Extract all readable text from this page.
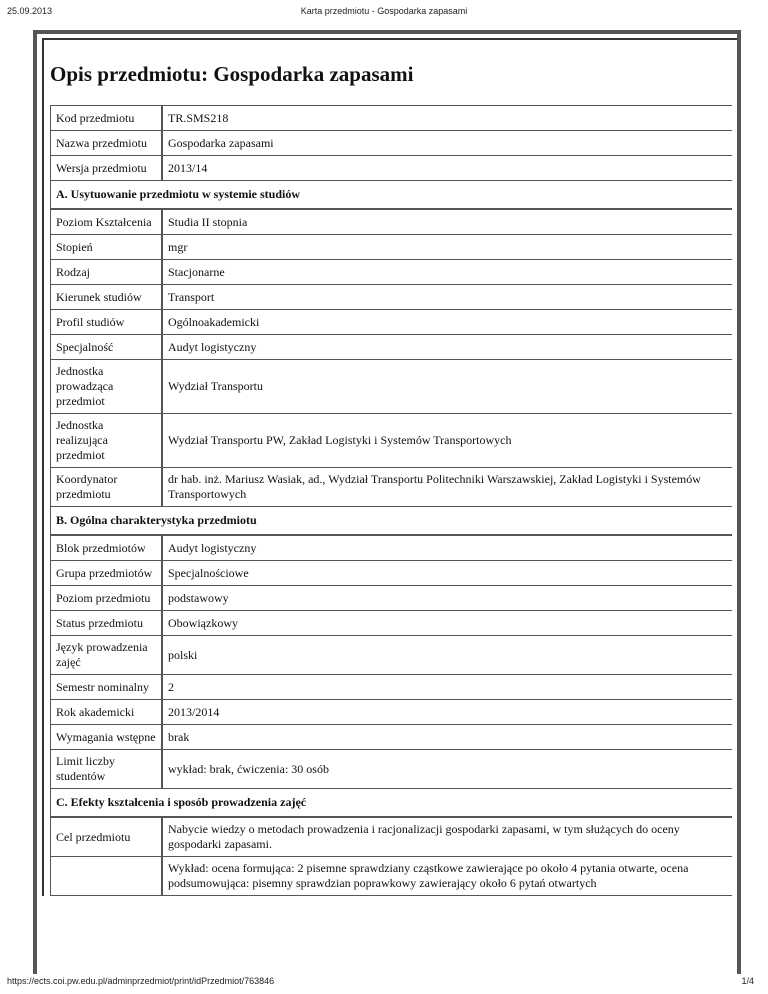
25.09.2013	Karta przedmiotu - Gospodarka zapasami
Opis przedmiotu: Gospodarka zapasami
Kod przedmiotu	TR.SMS218
Nazwa przedmiotu	Gospodarka zapasami
Wersja przedmiotu	2013/14
A. Usytuowanie przedmiotu w systemie studiów	
Poziom Kształcenia	Studia II stopnia
Stopień	mgr
Rodzaj	Stacjonarne
Kierunek studiów	Transport
Profil studiów	Ogólnoakademicki
Specjalność	Audyt logistyczny
Jednostka prowadząca przedmiot	Wydział Transportu
Jednostka realizująca przedmiot	Wydział Transportu PW, Zakład Logistyki i Systemów Transportowych
Koordynator przedmiotu	dr hab. inż. Mariusz Wasiak, ad., Wydział Transportu Politechniki Warszawskiej, Zakład Logistyki i Systemów Transportowych
B. Ogólna charakterystyka przedmiotu	
Blok przedmiotów	Audyt logistyczny
Grupa przedmiotów	Specjalnościowe
Poziom przedmiotu	podstawowy
Status przedmiotu	Obowiązkowy
Język prowadzenia zajęć	polski
Semestr nominalny	2
Rok akademicki	2013/2014
Wymagania wstępne	brak
Limit liczby studentów	wykład: brak, ćwiczenia: 30 osób
C. Efekty kształcenia i sposób prowadzenia zajęć	
Cel przedmiotu	Nabycie wiedzy o metodach prowadzenia i racjonalizacji gospodarki zapasami, w tym służących do oceny gospodarki zapasami.
	Wykład: ocena formująca: 2 pisemne sprawdziany cząstkowe zawierające po około 4 pytania otwarte, ocena podsumowująca: pisemny sprawdzian poprawkowy zawierający około 6 pytań otwartych
https://ects.coi.pw.edu.pl/adminprzedmiot/print/idPrzedmiot/763846	1/4
